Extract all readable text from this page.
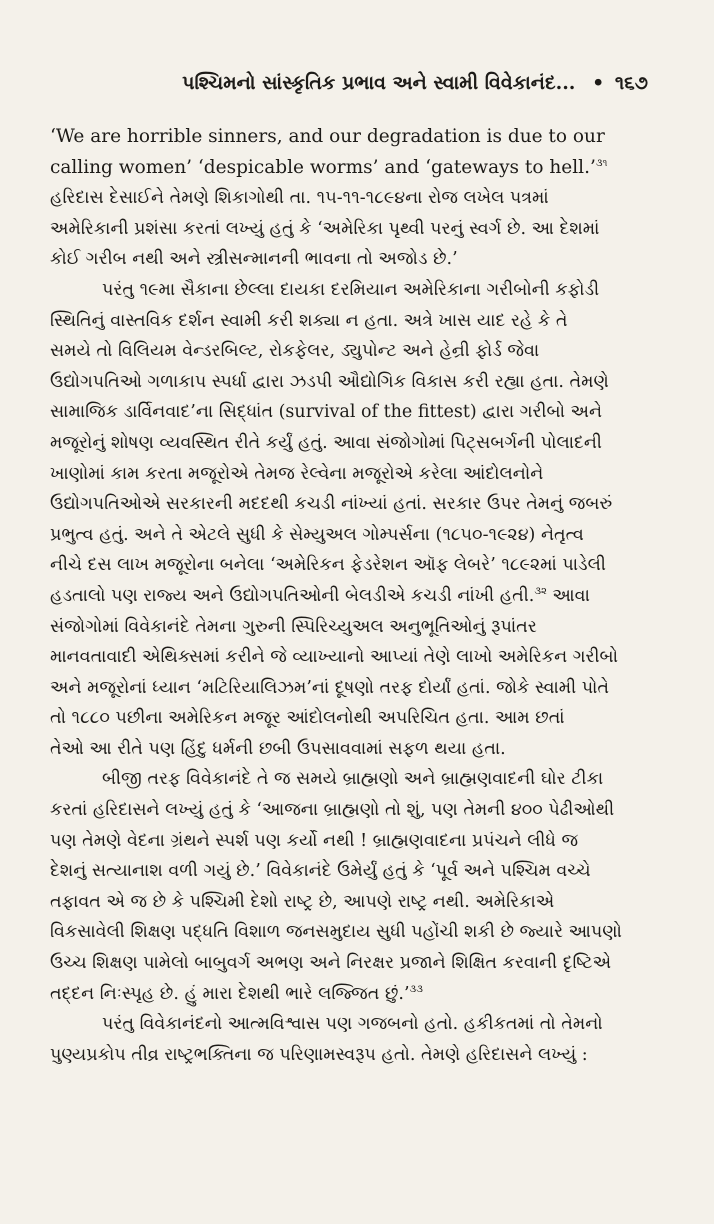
પશ્ચિમનો સાંસ્કૃતિક પ્રભાવ અને સ્વામી વિવેકાનંદ... • ૧૬૭

‘We are horrible sinners, and our degradation is due to our
calling women’ ‘despicable worms’ and ‘gateways to hell.’$^{૩૧}$
હરિદાસ દેસાઈને તેમણે શિકાગોથી તા. ૧૫-૧૧-૧૮૯૪ના રોજ લખેલ પત્રમાં
અમેરિકાની પ્રશંસા કરતાં લખ્યું હતું કે ‘અમેરિકા પૃથ્વી પરનું સ્વર્ગ છે. આ દેશમાં
કોઈ ગરીબ નથી અને સ્ત્રીસન્માનની ભાવના તો અજોડ છે.’

પરંતુ ૧૯મા સૈકાના છેલ્લા દાયકા દરમિયાન અમેરિકાના ગરીબોની કફોડી
સ્થિતિનું વાસ્તવિક દર્શન સ્વામી કરી શક્યા ન હતા. અત્રે ખાસ યાદ રહે કે તે
સમયે તો વિલિયમ વેન્ડરબિલ્ટ, રોકફેલર, ડ્યુપોન્ટ અને હેન્રી ફોર્ડ જેવા
ઉદ્યોગપતિઓ ગળાકાપ સ્પર્ધા દ્વારા ઝડપી ઔદ્યોગિક વિકાસ કરી રહ્યા હતા. તેમણે
સામાજિક ડાર્વિનવાદ’ના સિદ્ધાંત (survival of the fittest) દ્વારા ગરીબો અને
મજૂરોનું શોષણ વ્યવસ્થિત રીતે કર્યું હતું. આવા સંજોગોમાં પિટ્સબર્ગની પોલાદની
ખાણોમાં કામ કરતા મજૂરોએ તેમજ રેલ્વેના મજૂરોએ કરેલા આંદોલનોને
ઉદ્યોગપતિઓએ સરકારની મદદથી કચડી નાંખ્યાં હતાં. સરકાર ઉપર તેમનું જબરું
પ્રભુત્વ હતું. અને તે એટલે સુધી કે સેમ્યુઅલ ગોમ્પર્સના (૧૮૫૦-૧૯૨૪) નેતૃત્વ
નીચે દસ લાખ મજૂરોના બનેલા ‘અમેરિકન ફેડરેશન ઑફ લેબરે’ ૧૮૯૨માં પાડેલી
હડતાલો પણ રાજ્ય અને ઉદ્યોગપતિઓની બેલડીએ કચડી નાંખી હતી.$^{૩૨}$ આવા
સંજોગોમાં વિવેકાનંદે તેમના ગુરુની સ્પિરિચ્યુઅલ અનુભૂતિઓનું રૂપાંતર
માનવતાવાદી એથિક્સમાં કરીને જે વ્યાખ્યાનો આપ્યાં તેણે લાખો અમેરિકન ગરીબો
અને મજૂરોનાં ધ્યાન ‘મટિરિયાલિઝમ’નાં દૂષણો તરફ દોર્યાં હતાં. જોકે સ્વામી પોતે
તો ૧૮૮૦ પછીના અમેરિકન મજૂર આંદોલનોથી અપરિચિત હતા. આમ છતાં
તેઓ આ રીતે પણ હિંદુ ધર્મની છબી ઉપસાવવામાં સફળ થયા હતા.

બીજી તરફ વિવેકાનંદે તે જ સમયે બ્રાહ્મણો અને બ્રાહ્મણવાદની ઘોર ટીકા
કરતાં હરિદાસને લખ્યું હતું કે ‘આજના બ્રાહ્મણો તો શું, પણ તેમની ૪૦૦ પેઢીઓથી
પણ તેમણે વેદના ગ્રંથને સ્પર્શ પણ કર્યો નથી ! બ્રાહ્મણવાદના પ્રપંચને લીધે જ
દેશનું સત્યાનાશ વળી ગયું છે.’ વિવેકાનંદે ઉમેર્યું હતું કે ‘પૂર્વ અને પશ્ચિમ વચ્ચે
તફાવત એ જ છે કે પશ્ચિમી દેશો રાષ્ટ્ર છે, આપણે રાષ્ટ્ર નથી. અમેરિકાએ
વિકસાવેલી શિક્ષણ પદ્ધતિ વિશાળ જનસમુદાય સુધી પહોંચી શકી છે જ્યારે આપણો
ઉચ્ચ શિક્ષણ પામેલો બાબુવર્ગ અભણ અને નિરક્ષર પ્રજાને શિક્ષિત કરવાની દૃષ્ટિએ
તદ્દન નિઃસ્પૃહ છે. હું મારા દેશથી ભારે લજ્જિત છું.’$^{૩૩}$

પરંતુ વિવેકાનંદનો આત્મવિશ્વાસ પણ ગજબનો હતો. હકીકતમાં તો તેમનો
પુણ્યપ્રકોપ તીવ્ર રાષ્ટ્રભક્તિના જ પરિણામસ્વરૂપ હતો. તેમણે હરિદાસને લખ્યું :
